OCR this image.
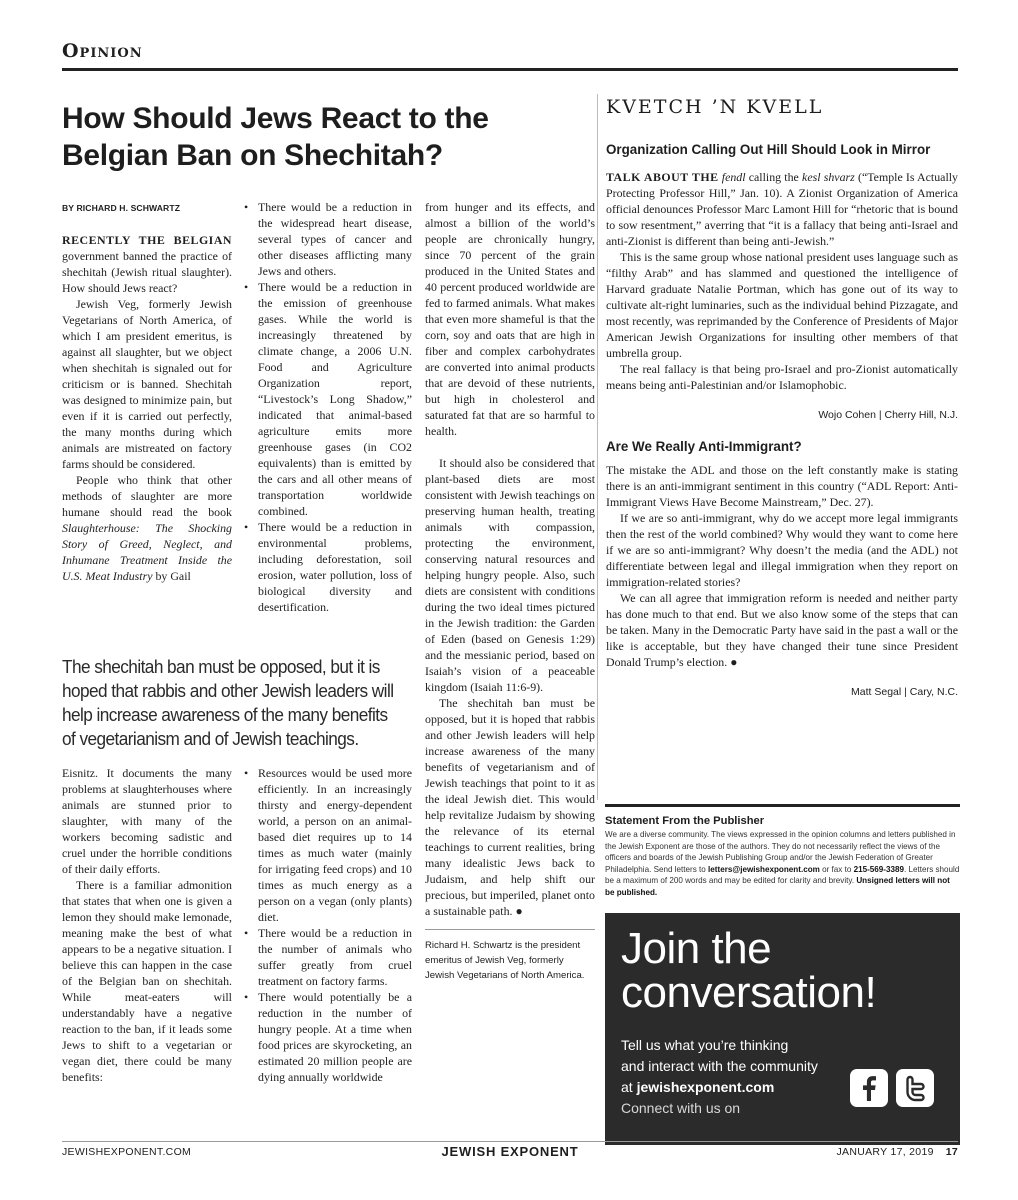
Opinion
How Should Jews React to the Belgian Ban on Shechitah?
BY RICHARD H. SCHWARTZ

RECENTLY THE BELGIAN government banned the practice of shechitah (Jewish ritual slaughter). How should Jews react?

Jewish Veg, formerly Jewish Vegetarians of North America, of which I am president emeritus, is against all slaughter, but we object when shechitah is signaled out for criticism or is banned. Shechitah was designed to minimize pain, but even if it is carried out perfectly, the many months during which animals are mistreated on factory farms should be considered.

People who think that other methods of slaughter are more humane should read the book Slaughterhouse: The Shocking Story of Greed, Neglect, and Inhumane Treatment Inside the U.S. Meat Industry by Gail

• There would be a reduction in the widespread heart disease, several types of cancer and other diseases afflicting many Jews and others.
• There would be a reduction in the emission of greenhouse gases. While the world is increasingly threatened by climate change, a 2006 U.N. Food and Agriculture Organization report, “Livestock’s Long Shadow,” indicated that animal-based agriculture emits more greenhouse gases (in CO2 equivalents) than is emitted by the cars and all other means of transportation worldwide combined.
• There would be a reduction in environmental problems, including deforestation, soil erosion, water pollution, loss of biological diversity and desertification.
The shechitah ban must be opposed, but it is hoped that rabbis and other Jewish leaders will help increase awareness of the many benefits of vegetarianism and of Jewish teachings.

Eisnitz. It documents the many problems at slaughterhouses where animals are stunned prior to slaughter, with many of the workers becoming sadistic and cruel under the horrible conditions of their daily efforts.

There is a familiar admonition that states that when one is given a lemon they should make lemonade, meaning make the best of what appears to be a negative situation. I believe this can happen in the case of the Belgian ban on shechitah. While meat-eaters will understandably have a negative reaction to the ban, if it leads some Jews to shift to a vegetarian or vegan diet, there could be many benefits:

• Resources would be used more efficiently. In an increasingly thirsty and energy-dependent world, a person on an animal-based diet requires up to 14 times as much water (mainly for irrigating feed crops) and 10 times as much energy as a person on a vegan (only plants) diet.
• There would be a reduction in the number of animals who suffer greatly from cruel treatment on factory farms.
• There would potentially be a reduction in the number of hungry people. At a time when food prices are skyrocketing, an estimated 20 million people are dying annually worldwide

from hunger and its effects, and almost a billion of the world’s people are chronically hungry, since 70 percent of the grain produced in the United States and 40 percent produced worldwide are fed to farmed animals. What makes that even more shameful is that the corn, soy and oats that are high in fiber and complex carbohydrates are converted into animal products that are devoid of these nutrients, but high in cholesterol and saturated fat that are so harmful to health.

It should also be considered that plant-based diets are most consistent with Jewish teachings on preserving human health, treating animals with compassion, protecting the environment, conserving natural resources and helping hungry people. Also, such diets are consistent with conditions during the two ideal times pictured in the Jewish tradition: the Garden of Eden (based on Genesis 1:29) and the messianic period, based on Isaiah’s vision of a peaceable kingdom (Isaiah 11:6-9).

The shechitah ban must be opposed, but it is hoped that rabbis and other Jewish leaders will help increase awareness of the many benefits of vegetarianism and of Jewish teachings that point to it as the ideal Jewish diet. This would help revitalize Judaism by showing the relevance of its eternal teachings to current realities, bring many idealistic Jews back to Judaism, and help shift our precious, but imperiled, planet onto a sustainable path. ●

Richard H. Schwartz is the president emeritus of Jewish Veg, formerly Jewish Vegetarians of North America.
KVETCH ’N KVELL
Organization Calling Out Hill Should Look in Mirror

TALK ABOUT THE fendl calling the kesl shvarz (“Temple Is Actually Protecting Professor Hill,” Jan. 10). A Zionist Organization of America official denounces Professor Marc Lamont Hill for “rhetoric that is bound to sow resentment,” averring that “it is a fallacy that being anti-Israel and anti-Zionist is different than being anti-Jewish.”

This is the same group whose national president uses language such as “filthy Arab” and has slammed and questioned the intelligence of Harvard graduate Natalie Portman, which has gone out of its way to cultivate alt-right luminaries, such as the individual behind Pizzagate, and most recently, was reprimanded by the Conference of Presidents of Major American Jewish Organizations for insulting other members of that umbrella group.

The real fallacy is that being pro-Israel and pro-Zionist automatically means being anti-Palestinian and/or Islamophobic.

Wojo Cohen | Cherry Hill, N.J.
Are We Really Anti-Immigrant?

The mistake the ADL and those on the left constantly make is stating there is an anti-immigrant sentiment in this country (“ADL Report: Anti-Immigrant Views Have Become Mainstream,” Dec. 27).

If we are so anti-immigrant, why do we accept more legal immigrants then the rest of the world combined? Why would they want to come here if we are so anti-immigrant? Why doesn’t the media (and the ADL) not differentiate between legal and illegal immigration when they report on immigration-related stories?

We can all agree that immigration reform is needed and neither party has done much to that end. But we also know some of the steps that can be taken. Many in the Democratic Party have said in the past a wall or the like is acceptable, but they have changed their tune since President Donald Trump’s election. ●

Matt Segal | Cary, N.C.
Statement From the Publisher

We are a diverse community. The views expressed in the opinion columns and letters published in the Jewish Exponent are those of the authors. They do not necessarily reflect the views of the officers and boards of the Jewish Publishing Group and/or the Jewish Federation of Greater Philadelphia. Send letters to letters@jewishexponent.com or fax to 215-569-3389. Letters should be a maximum of 200 words and may be edited for clarity and brevity. Unsigned letters will not be published.

Join the conversation!
Tell us what you’re thinking
and interact with the community
at jewishexponent.com
Connect with us on
JEWISHEXPONENT.COM	JEWISH EXPONENT	JANUARY 17, 2019 17
